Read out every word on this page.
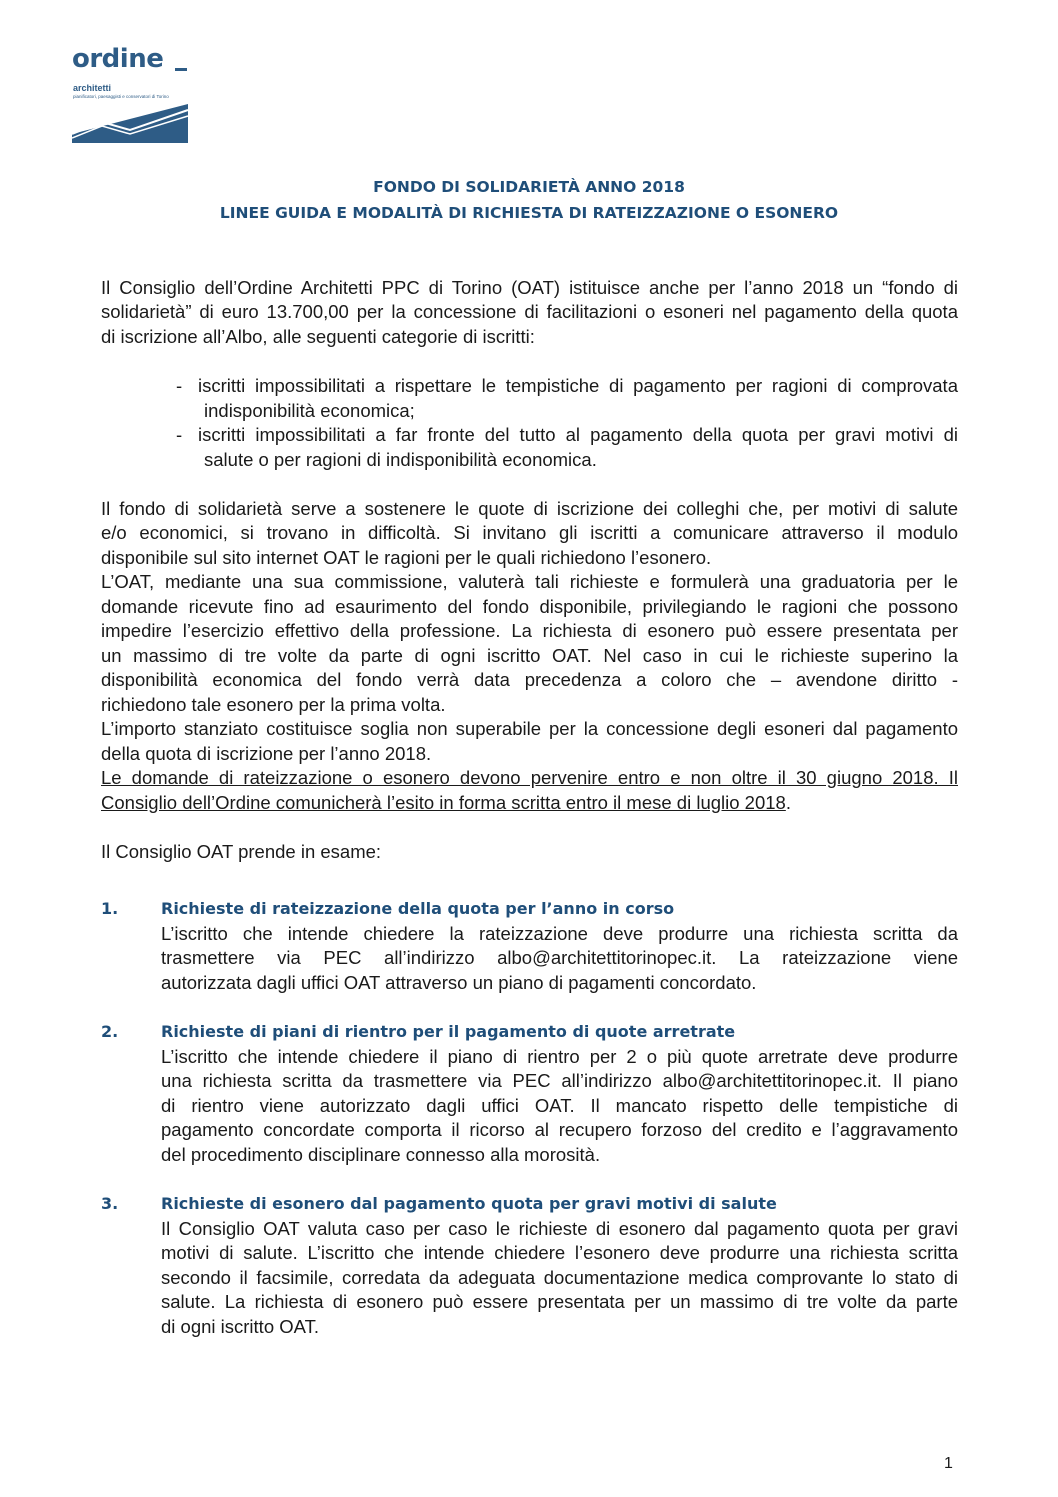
ordine
architetti
pianificatori, paesaggisti e conservatori di Torino
FONDO DI SOLIDARIETÀ ANNO 2018
LINEE GUIDA E MODALITÀ DI RICHIESTA DI RATEIZZAZIONE O ESONERO
Il Consiglio dell’Ordine Architetti PPC di Torino (OAT) istituisce anche per l’anno 2018 un “fondo di
solidarietà” di euro 13.700,00 per la concessione di facilitazioni o esoneri nel pagamento della quota
di iscrizione all’Albo, alle seguenti categorie di iscritti:
- iscritti impossibilitati a rispettare le tempistiche di pagamento per ragioni di comprovata
indisponibilità economica;
- iscritti impossibilitati a far fronte del tutto al pagamento della quota per gravi motivi di
salute o per ragioni di indisponibilità economica.
Il fondo di solidarietà serve a sostenere le quote di iscrizione dei colleghi che, per motivi di salute
e/o economici, si trovano in difficoltà. Si invitano gli iscritti a comunicare attraverso il modulo
disponibile sul sito internet OAT le ragioni per le quali richiedono l’esonero.
L’OAT, mediante una sua commissione, valuterà tali richieste e formulerà una graduatoria per le
domande ricevute fino ad esaurimento del fondo disponibile, privilegiando le ragioni che possono
impedire l’esercizio effettivo della professione. La richiesta di esonero può essere presentata per
un massimo di tre volte da parte di ogni iscritto OAT. Nel caso in cui le richieste superino la
disponibilità economica del fondo verrà data precedenza a coloro che – avendone diritto -
richiedono tale esonero per la prima volta.
L’importo stanziato costituisce soglia non superabile per la concessione degli esoneri dal pagamento
della quota di iscrizione per l’anno 2018.
Le domande di rateizzazione o esonero devono pervenire entro e non oltre il 30 giugno 2018. Il
Consiglio dell’Ordine comunicherà l’esito in forma scritta entro il mese di luglio 2018.
Il Consiglio OAT prende in esame:
1.	Richieste di rateizzazione della quota per l’anno in corso
L’iscritto che intende chiedere la rateizzazione deve produrre una richiesta scritta da
trasmettere via PEC all’indirizzo albo@architettitorinopec.it. La rateizzazione viene
autorizzata dagli uffici OAT attraverso un piano di pagamenti concordato.
2.	Richieste di piani di rientro per il pagamento di quote arretrate
L’iscritto che intende chiedere il piano di rientro per 2 o più quote arretrate deve produrre
una richiesta scritta da trasmettere via PEC all’indirizzo albo@architettitorinopec.it. Il piano
di rientro viene autorizzato dagli uffici OAT. Il mancato rispetto delle tempistiche di
pagamento concordate comporta il ricorso al recupero forzoso del credito e l’aggravamento
del procedimento disciplinare connesso alla morosità.
3.	Richieste di esonero dal pagamento quota per gravi motivi di salute
Il Consiglio OAT valuta caso per caso le richieste di esonero dal pagamento quota per gravi
motivi di salute. L’iscritto che intende chiedere l’esonero deve produrre una richiesta scritta
secondo il facsimile, corredata da adeguata documentazione medica comprovante lo stato di
salute. La richiesta di esonero può essere presentata per un massimo di tre volte da parte
di ogni iscritto OAT.
1
